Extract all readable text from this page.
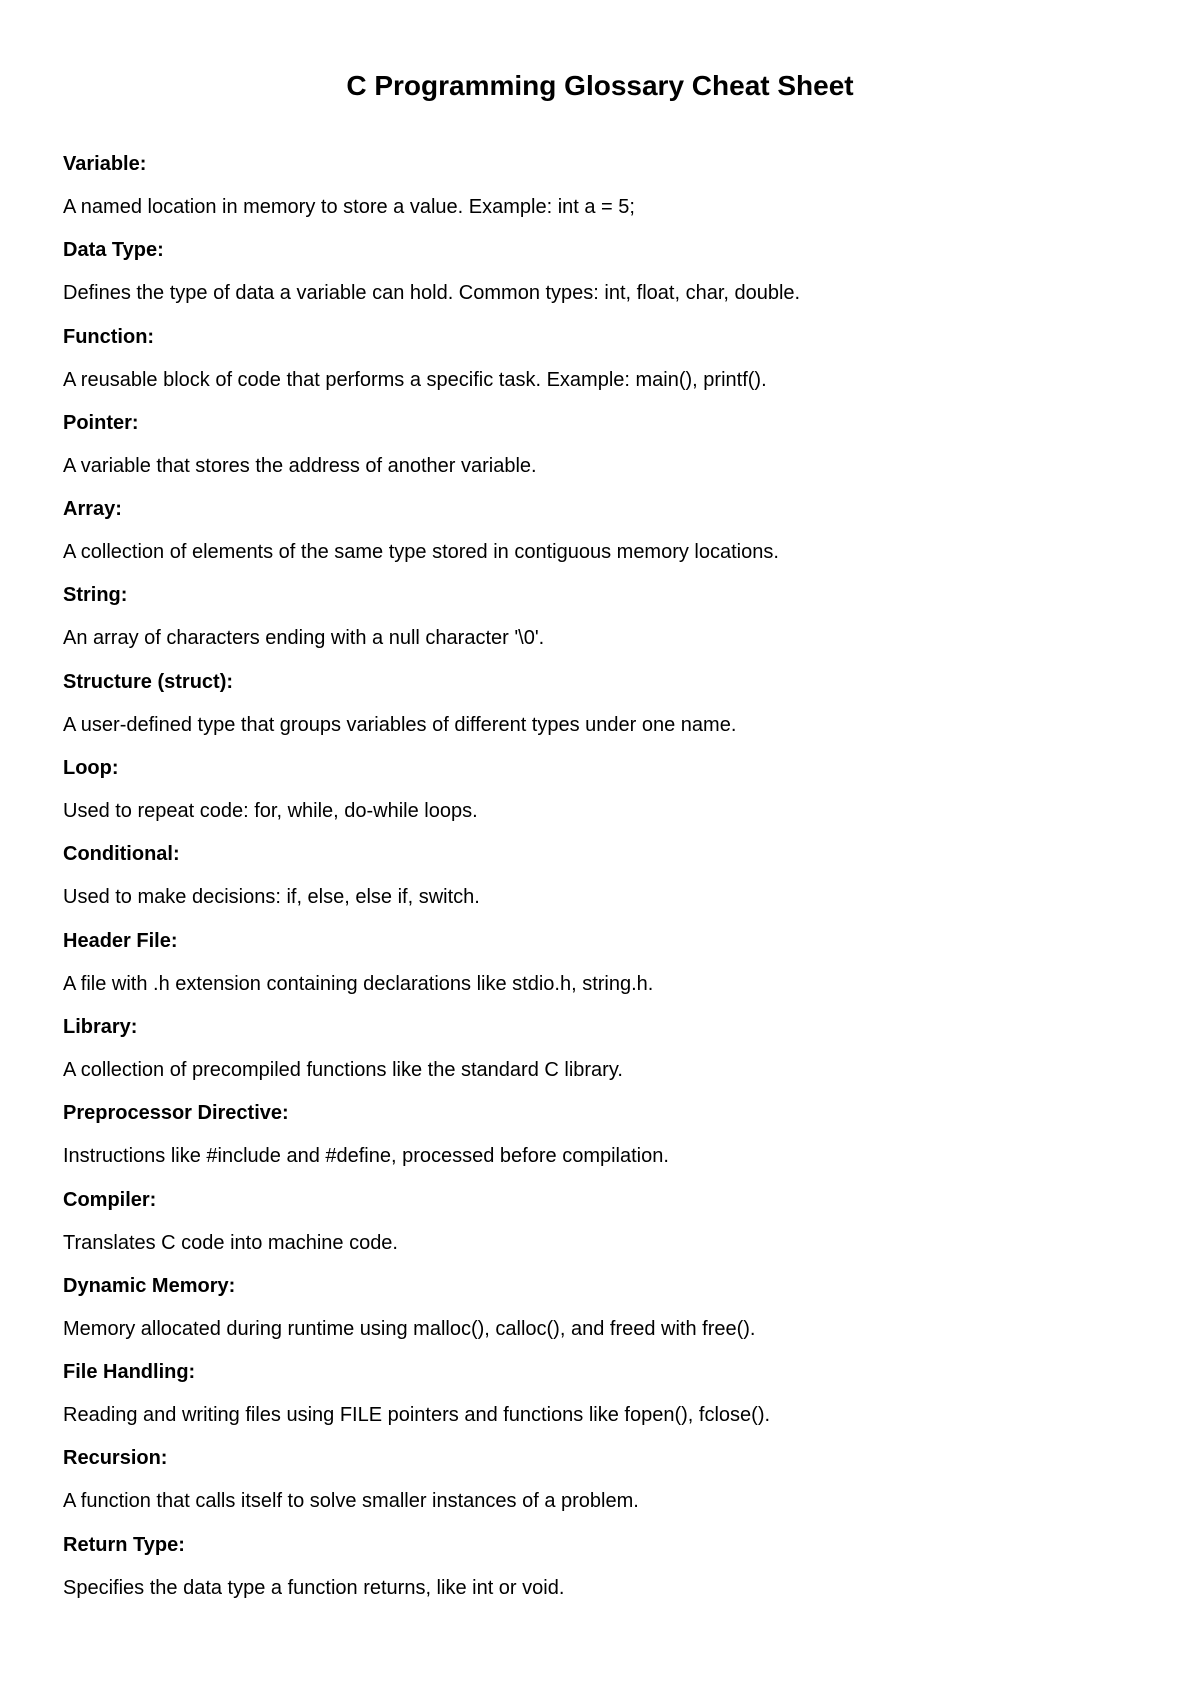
C Programming Glossary Cheat Sheet
Variable:
A named location in memory to store a value. Example: int a = 5;
Data Type:
Defines the type of data a variable can hold. Common types: int, float, char, double.
Function:
A reusable block of code that performs a specific task. Example: main(), printf().
Pointer:
A variable that stores the address of another variable.
Array:
A collection of elements of the same type stored in contiguous memory locations.
String:
An array of characters ending with a null character '\0'.
Structure (struct):
A user-defined type that groups variables of different types under one name.
Loop:
Used to repeat code: for, while, do-while loops.
Conditional:
Used to make decisions: if, else, else if, switch.
Header File:
A file with .h extension containing declarations like stdio.h, string.h.
Library:
A collection of precompiled functions like the standard C library.
Preprocessor Directive:
Instructions like #include and #define, processed before compilation.
Compiler:
Translates C code into machine code.
Dynamic Memory:
Memory allocated during runtime using malloc(), calloc(), and freed with free().
File Handling:
Reading and writing files using FILE pointers and functions like fopen(), fclose().
Recursion:
A function that calls itself to solve smaller instances of a problem.
Return Type:
Specifies the data type a function returns, like int or void.
